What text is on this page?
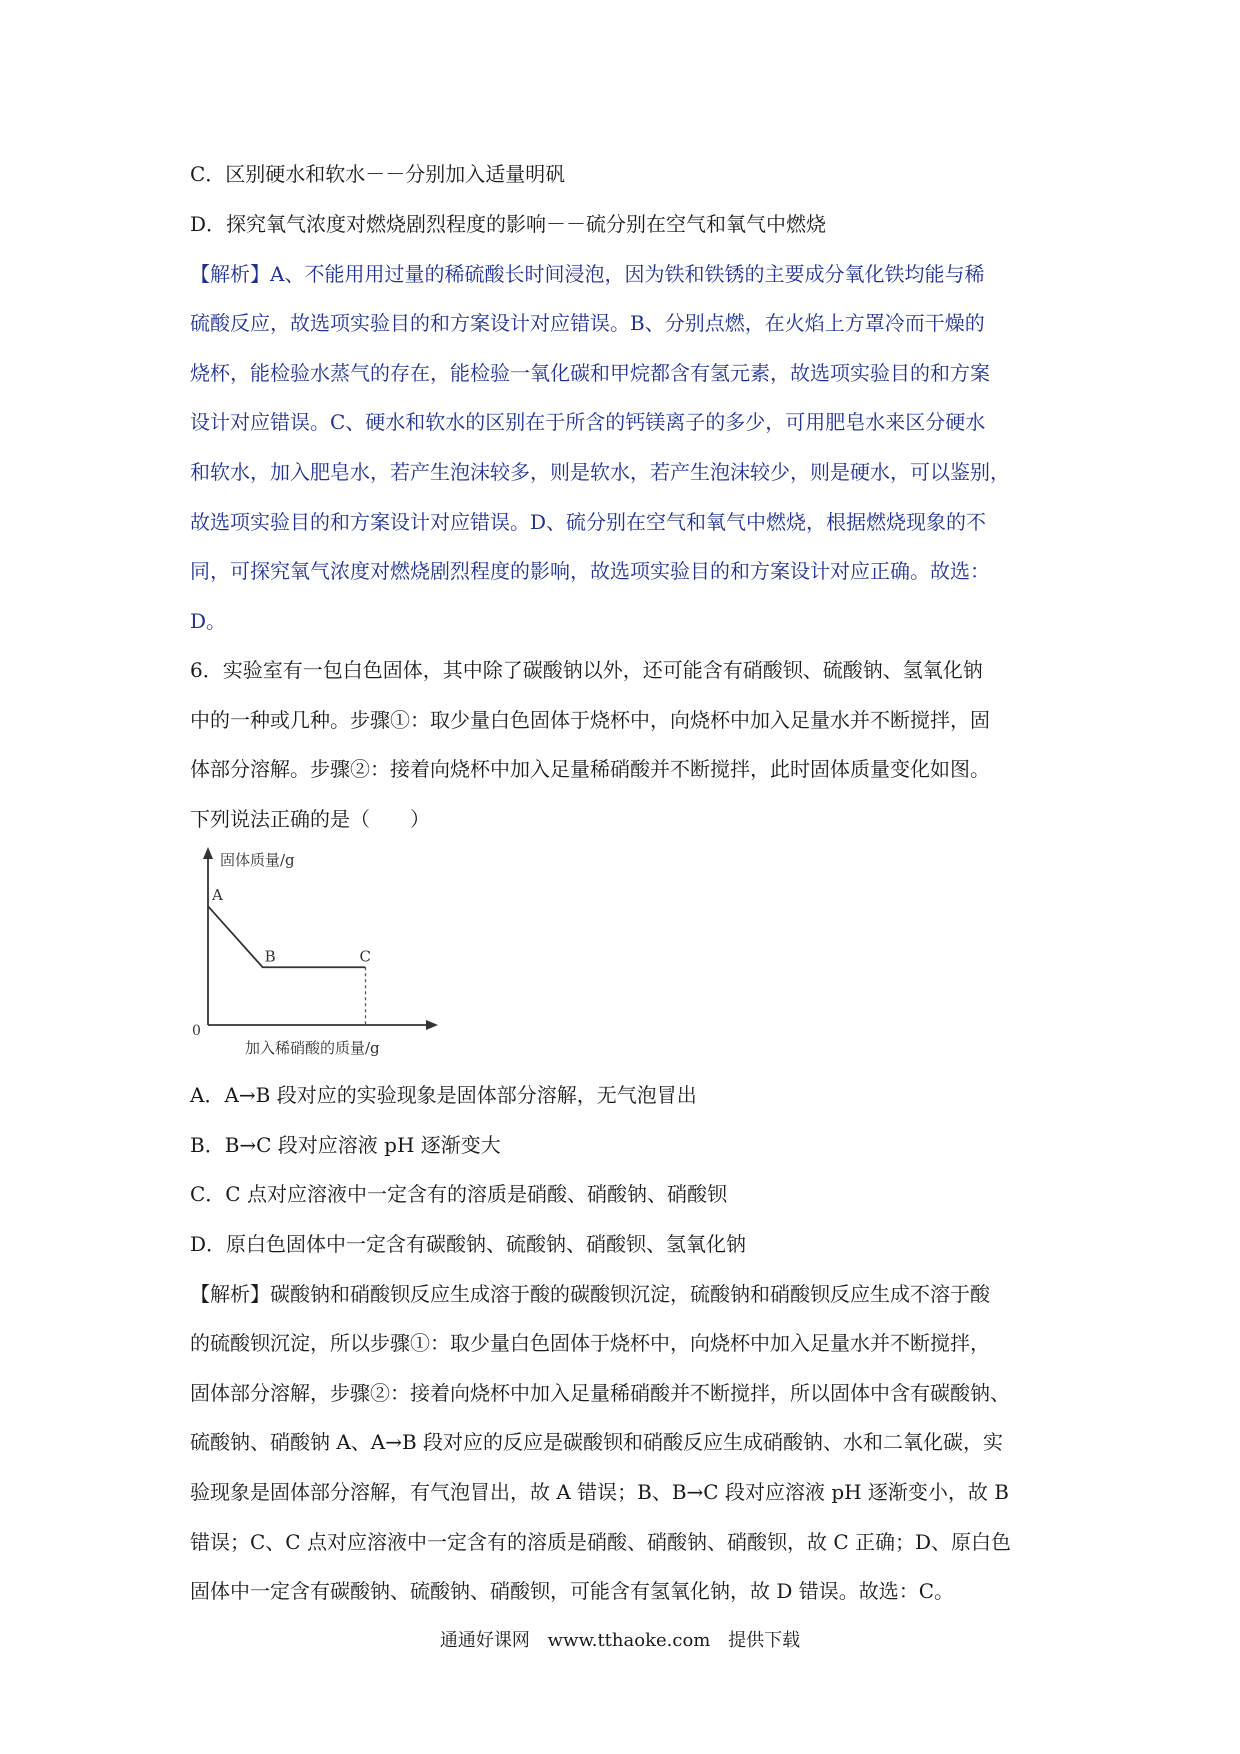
C．区别硬水和软水－－分别加入适量明矾
D．探究氧气浓度对燃烧剧烈程度的影响－－硫分别在空气和氧气中燃烧
【解析】A、不能用用过量的稀硫酸长时间浸泡，因为铁和铁锈的主要成分氧化铁均能与稀
硫酸反应，故选项实验目的和方案设计对应错误。B、分别点燃，在火焰上方罩冷而干燥的
烧杯，能检验水蒸气的存在，能检验一氧化碳和甲烷都含有氢元素，故选项实验目的和方案
设计对应错误。C、硬水和软水的区别在于所含的钙镁离子的多少，可用肥皂水来区分硬水
和软水，加入肥皂水，若产生泡沫较多，则是软水，若产生泡沫较少，则是硬水，可以鉴别，
故选项实验目的和方案设计对应错误。D、硫分别在空气和氧气中燃烧，根据燃烧现象的不
同，可探究氧气浓度对燃烧剧烈程度的影响，故选项实验目的和方案设计对应正确。故选：
D。
6．实验室有一包白色固体，其中除了碳酸钠以外，还可能含有硝酸钡、硫酸钠、氢氧化钠
中的一种或几种。步骤①：取少量白色固体于烧杯中，向烧杯中加入足量水并不断搅拌，固
体部分溶解。步骤②：接着向烧杯中加入足量稀硝酸并不断搅拌，此时固体质量变化如图。
下列说法正确的是（　　）
固体质量/g
加入稀硝酸的质量/g
0
A
B	C
A．A→B 段对应的实验现象是固体部分溶解，无气泡冒出
B．B→C 段对应溶液 pH 逐渐变大
C．C 点对应溶液中一定含有的溶质是硝酸、硝酸钠、硝酸钡
D．原白色固体中一定含有碳酸钠、硫酸钠、硝酸钡、氢氧化钠
【解析】碳酸钠和硝酸钡反应生成溶于酸的碳酸钡沉淀，硫酸钠和硝酸钡反应生成不溶于酸
的硫酸钡沉淀，所以步骤①：取少量白色固体于烧杯中，向烧杯中加入足量水并不断搅拌，
固体部分溶解，步骤②：接着向烧杯中加入足量稀硝酸并不断搅拌，所以固体中含有碳酸钠、
硫酸钠、硝酸钠 A、A→B 段对应的反应是碳酸钡和硝酸反应生成硝酸钠、水和二氧化碳，实
验现象是固体部分溶解，有气泡冒出，故 A 错误；B、B→C 段对应溶液 pH 逐渐变小，故 B
错误；C、C 点对应溶液中一定含有的溶质是硝酸、硝酸钠、硝酸钡，故 C 正确；D、原白色
固体中一定含有碳酸钠、硫酸钠、硝酸钡，可能含有氢氧化钠，故 D 错误。故选：C。
通通好课网 www.tthaoke.com 提供下载
